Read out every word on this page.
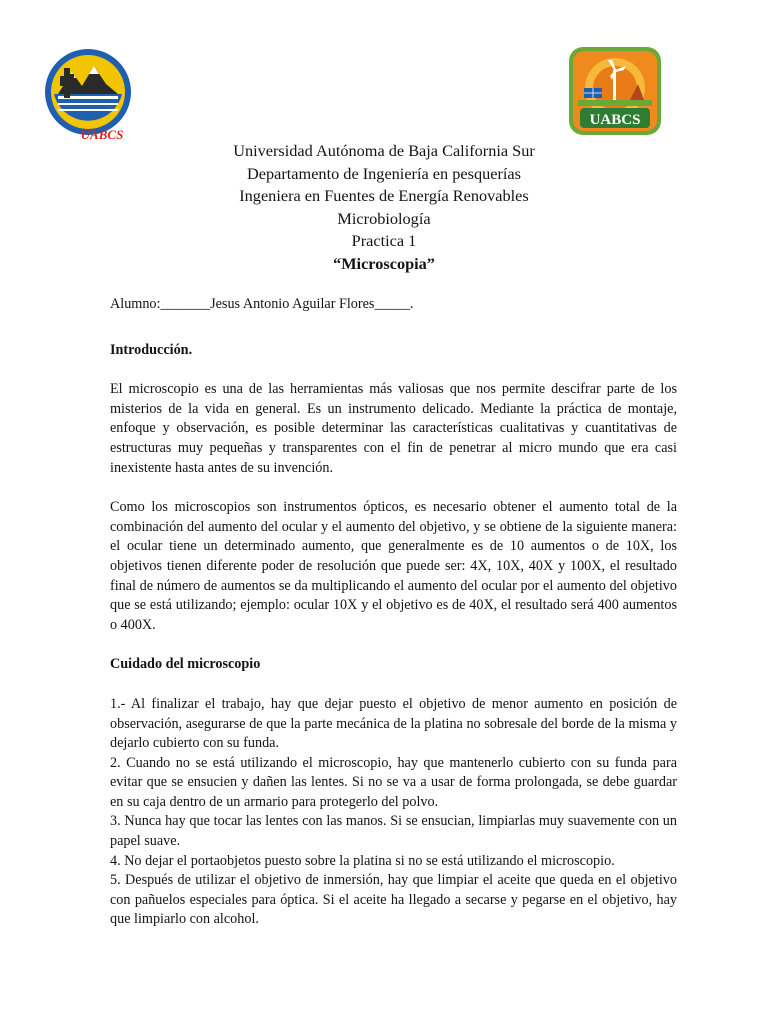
UABCS
UABCS
Universidad Autónoma de Baja California Sur
Departamento de Ingeniería en pesquerías
Ingeniera en Fuentes de Energía Renovables
Microbiología
Practica 1
“Microscopia”

Alumno:_______Jesus Antonio Aguilar Flores_____.

Introducción.

El microscopio es una de las herramientas más valiosas que nos permite descifrar parte de los misterios de la vida en general. Es un instrumento delicado. Mediante la práctica de montaje, enfoque y observación, es posible determinar las características cualitativas y cuantitativas de estructuras muy pequeñas y transparentes con el fin de penetrar al micro mundo que era casi inexistente hasta antes de su invención.

Como los microscopios son instrumentos ópticos, es necesario obtener el aumento total de la combinación del aumento del ocular y el aumento del objetivo, y se obtiene de la siguiente manera: el ocular tiene un determinado aumento, que generalmente es de 10 aumentos o de 10X, los objetivos tienen diferente poder de resolución que puede ser: 4X, 10X, 40X y 100X, el resultado final de número de aumentos se da multiplicando el aumento del ocular por el aumento del objetivo que se está utilizando; ejemplo: ocular 10X y el objetivo es de 40X, el resultado será 400 aumentos o 400X.

Cuidado del microscopio

1.- Al finalizar el trabajo, hay que dejar puesto el objetivo de menor aumento en posición de observación, asegurarse de que la parte mecánica de la platina no sobresale del borde de la misma y dejarlo cubierto con su funda.

2. Cuando no se está utilizando el microscopio, hay que mantenerlo cubierto con su funda para evitar que se ensucien y dañen las lentes. Si no se va a usar de forma prolongada, se debe guardar en su caja dentro de un armario para protegerlo del polvo.

3. Nunca hay que tocar las lentes con las manos. Si se ensucian, limpiarlas muy suavemente con un papel suave.

4. No dejar el portaobjetos puesto sobre la platina si no se está utilizando el microscopio.

5. Después de utilizar el objetivo de inmersión, hay que limpiar el aceite que queda en el objetivo con pañuelos especiales para óptica. Si el aceite ha llegado a secarse y pegarse en el objetivo, hay que limpiarlo con alcohol.
